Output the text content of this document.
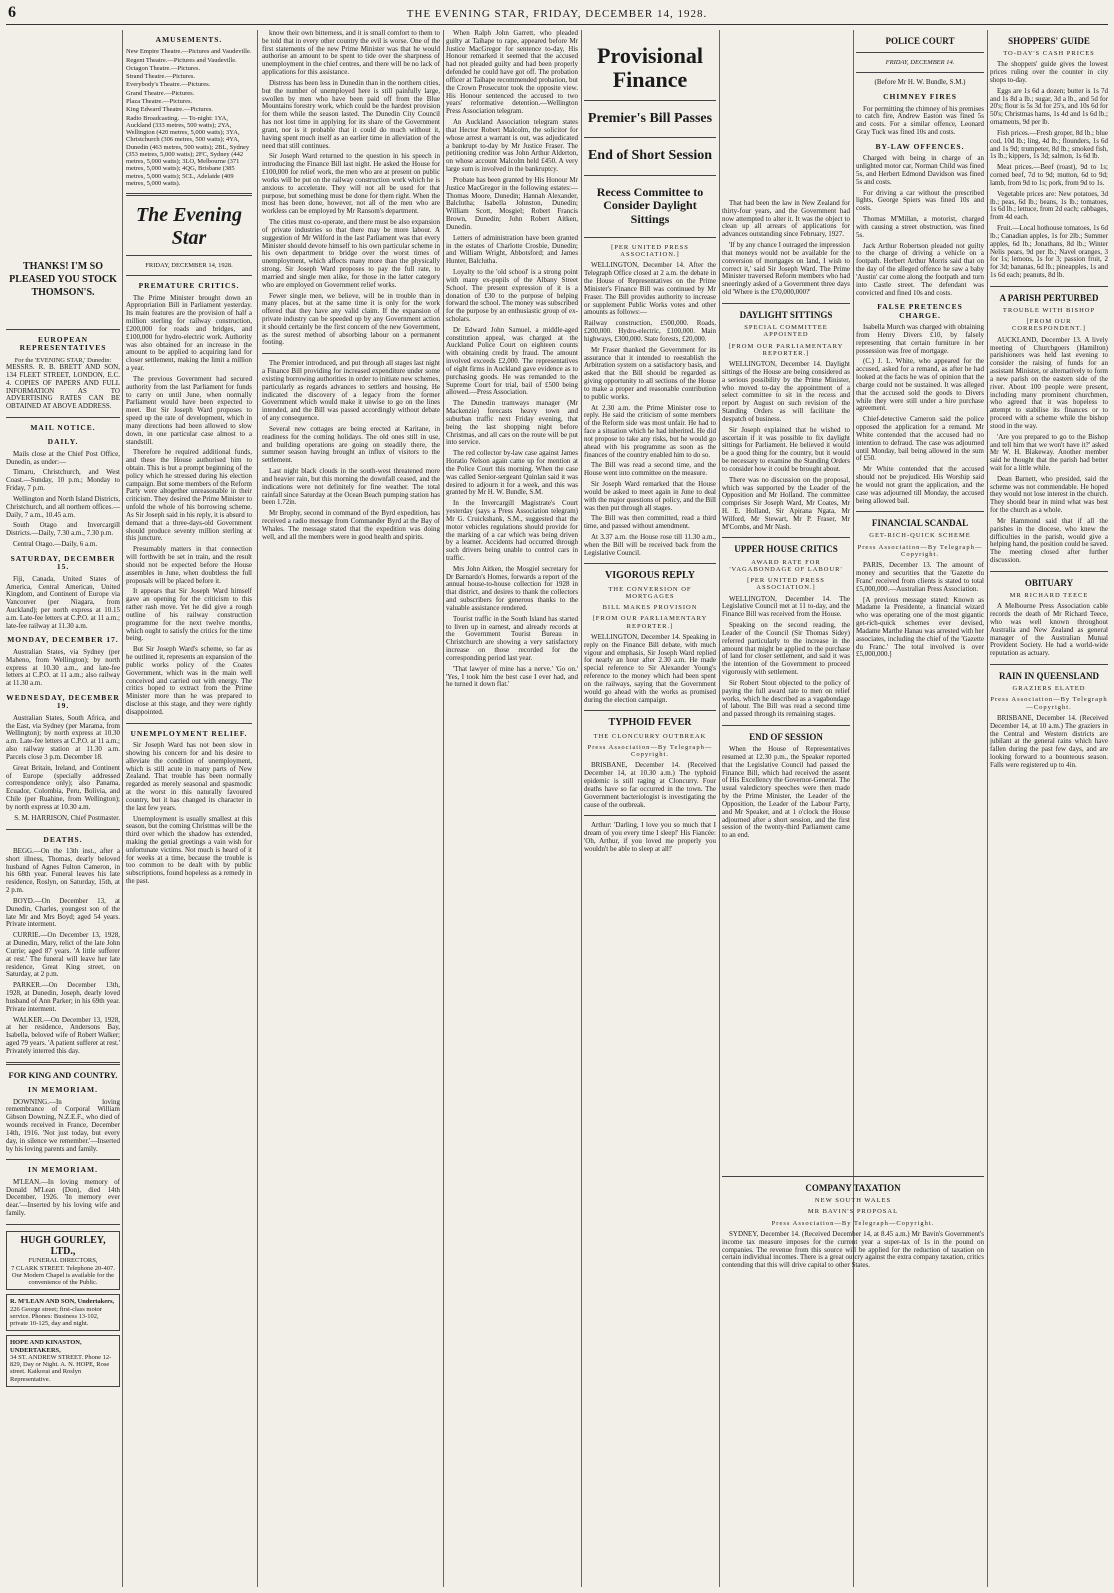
6	THE EVENING STAR, FRIDAY, DECEMBER 14, 1928.
THANKS! I'M SO PLEASED YOU STOCK THOMSON'S.
EUROPEAN REPRESENTATIVES
For the 'EVENING STAR,' Dunedin:

MESSRS. R. B. BRETT AND SON, 134 FLEET STREET, LONDON, E.C. 4. COPIES OF PAPERS AND FULL INFORMATION AS TO ADVERTISING RATES CAN BE OBTAINED AT ABOVE ADDRESS.

MAIL NOTICE.
DAILY.

Mails close at the Chief Post Office, Dunedin, as under:—

Timaru, Christchurch, and West Coast.—Sunday, 10 p.m.; Monday to Friday, 7 p.m.

Wellington and North Island Districts, Christchurch, and all northern offices.—Daily, 7 a.m., 10.45 a.m.

South Otago and Invercargill Districts.—Daily, 7.30 a.m., 7.30 p.m.

Central Otago.—Daily, 6 a.m.

SATURDAY, DECEMBER 15.

Fiji, Canada, United States of America, Central American, United Kingdom, and Continent of Europe via Vancouver (per Niagara, from Auckland); per north express at 10.15 a.m. Late-fee letters at C.P.O. at 11 a.m.; late-fee railway at 11.30 a.m.

MONDAY, DECEMBER 17.

Australian States, via Sydney (per Maheno, from Wellington); by north express at 10.30 a.m., and late-fee letters at C.P.O. at 11 a.m.; also railway at 11.30 a.m.

WEDNESDAY, DECEMBER 19.

Australian States, South Africa, and the East, via Sydney (per Marama, from Wellington); by north express at 10.30 a.m. Late-fee letters at C.P.O. at 11 a.m.; also railway station at 11.30 a.m. Parcels close 3 p.m. December 18.

Great Britain, Ireland, and Continent of Europe (specially addressed correspondence only); also Panama, Ecuador, Colombia, Peru, Bolivia, and Chile (per Ruahine, from Wellington); by north express at 10.30 a.m.

S. M. HARRISON, Chief Postmaster.
DEATHS.

BEGG.—On the 13th inst., after a short illness, Thomas, dearly beloved husband of Agnes Fulton Cameron, in his 68th year. Funeral leaves his late residence, Roslyn, on Saturday, 15th, at 2 p.m.

BOYD.—On December 13, at Dunedin, Charles, youngest son of the late Mr and Mrs Boyd; aged 54 years. Private interment.

CURRIE.—On December 13, 1928, at Dunedin, Mary, relict of the late John Currie; aged 87 years. 'A little sufferer at rest.' The funeral will leave her late residence, Great King street, on Saturday, at 2 p.m.

PARKER.—On December 13th, 1928, at Dunedin, Joseph, dearly loved husband of Ann Parker; in his 69th year. Private interment.

WALKER.—On December 13, 1928, at her residence, Andersons Bay, Isabella, beloved wife of Robert Walker; aged 79 years. 'A patient sufferer at rest.' Privately interred this day.

FOR KING AND COUNTRY.
IN MEMORIAM.

DOWNING.—In loving remembrance of Corporal William Gibson Downing, N.Z.E.F., who died of wounds received in France, December 14th, 1916. 'Not just today, but every day, in silence we remember.'—Inserted by his loving parents and family.

IN MEMORIAM.

M'LEAN.—In loving memory of Donald M'Lean (Don), died 14th December, 1926. 'In memory ever dear.'—Inserted by his loving wife and family.

HUGH GOURLEY, LTD.,
FUNERAL DIRECTORS,
7 CLARK STREET. Telephone 20-407. Our Modern Chapel is available for the convenience of the Public.
R. M'LEAN AND SON, Undertakers,
226 George street; first-class motor service. Phones: Business 13-102, private 10-125, day and night.
HOPE AND KINASTON, UNDERTAKERS,
34 ST. ANDREW STREET. Phone 12-829, Day or Night. A. N. HOPE, Rose street. Kaikorai and Roslyn Representative.
AMUSEMENTS.
New Empire Theatre.—Pictures and Vaudeville.
Regent Theatre.—Pictures and Vaudeville.
Octagon Theatre.—Pictures.
Strand Theatre.—Pictures.
Everybody's Theatre.—Pictures.
Grand Theatre.—Pictures.
Plaza Theatre.—Pictures.
King Edward Theatre.—Pictures.
Radio Broadcasting. — To-night: 1YA, Auckland (333 metres, 500 watts); 2YA, Wellington (420 metres, 5,000 watts); 3YA, Christchurch (306 metres, 500 watts); 4YA, Dunedin (463 metres, 500 watts); 2BL, Sydney (353 metres, 5,000 watts); 2FC, Sydney (442 metres, 5,000 watts); 3LO, Melbourne (371 metres, 5,000 watts); 4QG, Brisbane (385 metres, 5,000 watts); 5CL, Adelaide (409 metres, 5,000 watts).
The Evening Star
FRIDAY, DECEMBER 14, 1928.
PREMATURE CRITICS.

The Prime Minister brought down an Appropriation Bill in Parliament yesterday. Its main features are the provision of half a million sterling for railway construction, £200,000 for roads and bridges, and £100,000 for hydro-electric work. Authority was also obtained for an increase in the amount to be applied to acquiring land for closer settlement, making the limit a million a year.

The previous Government had secured authority from the last Parliament for funds to carry on until June, when normally Parliament would have been expected to meet. But Sir Joseph Ward proposes to speed up the rate of development, which in many directions had been allowed to slow down, in one particular case almost to a standstill.

Therefore he required additional funds, and these the House authorised him to obtain. This is but a prompt beginning of the policy which he stressed during his election campaign. But some members of the Reform Party were altogether unreasonable in their criticism. They desired the Prime Minister to unfold the whole of his borrowing scheme. As Sir Joseph said in his reply, it is absurd to demand that a three-days-old Government should produce seventy million sterling at this juncture.

Presumably matters in that connection will forthwith be set in train, and the result should not be expected before the House assembles in June, when doubtless the full proposals will be placed before it.

It appears that Sir Joseph Ward himself gave an opening for the criticism to this rather rash move. Yet he did give a rough outline of his railway construction programme for the next twelve months, which ought to satisfy the critics for the time being.

But Sir Joseph Ward's scheme, so far as he outlined it, represents an expansion of the public works policy of the Coates Government, which was in the main well conceived and carried out with energy. The critics hoped to extract from the Prime Minister more than he was prepared to disclose at this stage, and they were rightly disappointed.

UNEMPLOYMENT RELIEF.

Sir Joseph Ward has not been slow in showing his concern for and his desire to alleviate the condition of unemployment, which is still acute in many parts of New Zealand. That trouble has been normally regarded as merely seasonal and spasmodic at the worst in this naturally favoured country, but it has changed its character in the last few years.

Unemployment is usually smallest at this season, but the coming Christmas will be the third over which the shadow has extended, making the genial greetings a vain wish for unfortunate victims. Not much is heard of it for weeks at a time, because the trouble is too common to be dealt with by public subscriptions, found hopeless as a remedy in the past.

know their own bitterness, and it is small comfort to them to be told that in every other country the evil is worse. One of the first statements of the new Prime Minister was that he would authorise an amount to be spent to tide over the sharpness of unemployment in the chief centres, and there will be no lack of applications for this assistance.

Distress has been less in Dunedin than in the northern cities, but the number of unemployed here is still painfully large, swollen by men who have been paid off from the Blue Mountains forestry work, which could be the hardest provision for them while the season lasted. The Dunedin City Council has not lost time in applying for its share of the Government grant, nor is it probable that it could do much without it, having spent much itself as an earlier time in alleviation of the need that still continues.

Sir Joseph Ward returned to the question in his speech in introducing the Finance Bill last night. He asked the House for £100,000 for relief work, the men who are at present on public works will be put on the railway construction work which he is anxious to accelerate. They will not all be used for that purpose, but something must be done for them right. When the most has been done, however, not all of the men who are workless can be employed by Mr Ransom's department.

The cities must co-operate, and there must be also expansion of private industries so that there may be more labour. A suggestion of Mr Wilford in the last Parliament was that every Minister should devote himself to his own particular scheme in his own department to bridge over the worst times of unemployment, which affects many more than the physically strong. Sir Joseph Ward proposes to pay the full rate, to married and single men alike, for those in the latter category who are employed on Government relief works.

Fewer single men, we believe, will be in trouble than in many places, but at the same time it is only for the work offered that they have any valid claim. If the expansion of private industry can be speeded up by any Government action it should certainly be the first concern of the new Government, as the surest method of absorbing labour on a permanent footing.

The Premier introduced, and put through all stages last night a Finance Bill providing for increased expenditure under some existing borrowing authorities in order to initiate new schemes, particularly as regards advances to settlers and housing. He indicated the discovery of a legacy from the former Government which would make it unwise to go on the lines intended, and the Bill was passed accordingly without debate of any consequence.

Several new cottages are being erected at Karitane, in readiness for the coming holidays. The old ones still in use, and building operations are going on steadily there, the summer season having brought an influx of visitors to the settlement.

Last night black clouds in the south-west threatened more and heavier rain, but this morning the downfall ceased, and the indications were not definitely for fine weather. The total rainfall since Saturday at the Ocean Beach pumping station has been 1.72in.

Mr Brophy, second in command of the Byrd expedition, has received a radio message from Commander Byrd at the Bay of Whales. The message stated that the expedition was doing well, and all the members were in good health and spirits.

When Ralph John Garrett, who pleaded guilty at Taihape to rape, appeared before Mr Justice MacGregor for sentence to-day, His Honour remarked it seemed that the accused had not pleaded guilty and had been properly defended he could have got off. The probation officer at Taihape recommended probation, but the Crown Prosecutor took the opposite view. His Honour sentenced the accused to two years' reformative detention.—Wellington Press Association telegram.

An Auckland Association telegram states that Hector Robert Malcolm, the solicitor for whose arrest a warrant is out, was adjudicated a bankrupt to-day by Mr Justice Fraser. The petitioning creditor was John Arthur Alderton, on whose account Malcolm held £450. A very large sum is involved in the bankruptcy.

Probate has been granted by His Honour Mr Justice MacGregor in the following estates:—Thomas Moore, Dunedin; Hannah Alexander, Balclutha; Isabella Johnston, Dunedin; William Scott, Mosgiel; Robert Francis Brown, Dunedin; John Robert Aitken, Dunedin.

Letters of administration have been granted in the estates of Charlotte Crosbie, Dunedin; and William Wright, Abbotsford; and James Hunter, Balclutha.

Loyalty to the 'old school' is a strong point with many ex-pupils of the Albany Street School. The present expression of it is a donation of £30 to the purpose of helping forward the school. The money was subscribed for the purpose by an enthusiastic group of ex-scholars.

Dr Edward John Samuel, a middle-aged constitution appeal, was charged at the Auckland Police Court on eighteen counts with obtaining credit by fraud. The amount involved exceeds £2,000. The representatives of eight firms in Auckland gave evidence as to purchasing goods. He was remanded to the Supreme Court for trial, bail of £500 being allowed.—Press Association.

The Dunedin tramways manager (Mr Mackenzie) forecasts heavy town and suburban traffic next Friday evening, that being the last shopping night before Christmas, and all cars on the route will be put into service.

The red collector by-law case against James Horatio Nelson again came up for mention at the Police Court this morning. When the case was called Senior-sergeant Quinlan said it was desired to adjourn it for a week, and this was granted by Mr H. W. Bundle, S.M.

In the Invercargill Magistrate's Court yesterday (says a Press Association telegram) Mr G. Cruickshank, S.M., suggested that the motor vehicles regulations should provide for the marking of a car which was being driven by a learner. Accidents had occurred through such drivers being unable to control cars in traffic.

Mrs John Aitken, the Mosgiel secretary for Dr Barnardo's Homes, forwards a report of the annual house-to-house collection for 1928 in that district, and desires to thank the collectors and subscribers for generous thanks to the valuable assistance rendered.

Tourist traffic in the South Island has started to liven up in earnest, and already records at the Government Tourist Bureau in Christchurch are showing a very satisfactory increase on those recorded for the corresponding period last year.

'That lawyer of mine has a nerve.' 'Go on.' 'Yes, I took him the best case I ever had, and he turned it down flat.'

Provisional Finance
Premier's Bill Passes
End of Short Session
Recess Committee to Consider Daylight Sittings
[PER UNITED PRESS ASSOCIATION.]

WELLINGTON, December 14. After the Telegraph Office closed at 2 a.m. the debate in the House of Representatives on the Prime Minister's Finance Bill was continued by Mr Fraser. The Bill provides authority to increase or supplement Public Works votes and other amounts as follows:—

Railway construction, £500,000. Roads, £200,000. Hydro-electric, £100,000. Main highways, £300,000. State forests, £20,000.

Mr Fraser thanked the Government for its assurance that it intended to reestablish the Arbitration system on a satisfactory basis, and asked that the Bill should be regarded as giving opportunity to all sections of the House to make a proper and reasonable contribution to public works.

At 2.30 a.m. the Prime Minister rose to reply. He said the criticism of some members of the Reform side was most unfair. He had to face a situation which he had inherited. He did not propose to take any risks, but he would go ahead with his programme as soon as the finances of the country enabled him to do so.

The Bill was read a second time, and the House went into committee on the measure.

Sir Joseph Ward remarked that the House would be asked to meet again in June to deal with the major questions of policy, and the Bill was then put through all stages.

The Bill was then committed, read a third time, and passed without amendment.

At 3.37 a.m. the House rose till 11.30 a.m., when the Bill will be received back from the Legislative Council.

VIGOROUS REPLY
THE CONVERSION OF MORTGAGES
BILL MAKES PROVISION
[FROM OUR PARLIAMENTARY REPORTER.]

WELLINGTON, December 14. Speaking in reply on the Finance Bill debate, with much vigour and emphasis, Sir Joseph Ward replied for nearly an hour after 2.30 a.m. He made special reference to Sir Alexander Young's reference to the money which had been spent on the railways, saying that the Government would go ahead with the works as promised during the election campaign.

TYPHOID FEVER
THE CLONCURRY OUTBREAK
Press Association—By Telegraph—Copyright.

BRISBANE, December 14. (Received December 14, at 10.30 a.m.) The typhoid epidemic is still raging at Cloncurry. Four deaths have so far occurred in the town. The Government bacteriologist is investigating the cause of the outbreak.

Arthur: 'Darling, I love you so much that I dream of you every time I sleep!' His Fiancée: 'Oh, Arthur, if you loved me properly you wouldn't be able to sleep at all!'

That had been the law in New Zealand for thirty-four years, and the Government had now attempted to alter it. It was the object to clean up all arrears of applications for advances outstanding since February, 1927.

'If by any chance I outraged the impression that moneys would not be available for the conversion of mortgages on land, I wish to correct it,' said Sir Joseph Ward. The Prime Minister traversed Reform members who had sneeringly asked of a Government three days old 'Where is the £70,000,000?'

DAYLIGHT SITTINGS
SPECIAL COMMITTEE APPOINTED
[FROM OUR PARLIAMENTARY REPORTER.]

WELLINGTON, December 14. Daylight sittings of the House are being considered as a serious possibility by the Prime Minister, who moved to-day the appointment of a select committee to sit in the recess and report by August on such revision of the Standing Orders as will facilitate the despatch of business.

Sir Joseph explained that he wished to ascertain if it was possible to fix daylight sittings for Parliament. He believed it would be a good thing for the country, but it would be necessary to examine the Standing Orders to consider how it could be brought about.

There was no discussion on the proposal, which was supported by the Leader of the Opposition and Mr Holland. The committee comprises Sir Joseph Ward, Mr Coates, Mr H. E. Holland, Sir Apirana Ngata, Mr Wilford, Mr Stewart, Mr P. Fraser, Mr M'Combs, and Mr Nash.

UPPER HOUSE CRITICS
AWARD RATE FOR 'VAGABONDAGE OF LABOUR'
[PER UNITED PRESS ASSOCIATION.]

WELLINGTON, December 14. The Legislative Council met at 11 to-day, and the Finance Bill was received from the House.

Speaking on the second reading, the Leader of the Council (Sir Thomas Sidey) referred particularly to the increase in the amount that might be applied to the purchase of land for closer settlement, and said it was the intention of the Government to proceed vigorously with settlement.

Sir Robert Stout objected to the policy of paying the full award rate to men on relief works, which he described as a vagabondage of labour. The Bill was read a second time and passed through its remaining stages.

END OF SESSION

When the House of Representatives resumed at 12.30 p.m., the Speaker reported that the Legislative Council had passed the Finance Bill, which had received the assent of His Excellency the Governor-General. The usual valedictory speeches were then made by the Prime Minister, the Leader of the Opposition, the Leader of the Labour Party, and Mr Speaker, and at 1 o'clock the House adjourned after a short session, and the first session of the twenty-third Parliament came to an end.

POLICE COURT
FRIDAY, DECEMBER 14.
(Before Mr H. W. Bundle, S.M.)
CHIMNEY FIRES

For permitting the chimney of his premises to catch fire, Andrew Easton was fined 5s and costs. For a similar offence, Leonard Gray Tuck was fined 10s and costs.

BY-LAW OFFENCES.

Charged with being in charge of an unlighted motor car, Norman Child was fined 5s, and Herbert Edmond Davidson was fined 5s and costs.

For driving a car without the prescribed lights, George Spiers was fined 10s and costs.

Thomas M'Millan, a motorist, charged with causing a street obstruction, was fined 5s.

Jack Arthur Robertson pleaded not guilty to the charge of driving a vehicle on a footpath. Herbert Arthur Morris said that on the day of the alleged offence he saw a baby 'Austin' car come along the footpath and turn into Castle street. The defendant was convicted and fined 10s and costs.

FALSE PRETENCES CHARGE.

Isabella Murch was charged with obtaining from Henry Divers £10, by falsely representing that certain furniture in her possession was free of mortgage.

(C.) J. L. White, who appeared for the accused, asked for a remand, as after he had looked at the facts he was of opinion that the charge could not be sustained. It was alleged that the accused sold the goods to Divers while they were still under a hire purchase agreement.

Chief-detective Cameron said the police opposed the application for a remand. Mr White contended that the accused had no intention to defraud. The case was adjourned until Monday, bail being allowed in the sum of £50.

Mr White contended that the accused should not be prejudiced. His Worship said he would not grant the application, and the case was adjourned till Monday, the accused being allowed bail.

FINANCIAL SCANDAL
GET-RICH-QUICK SCHEME
Press Association—By Telegraph—Copyright.

PARIS, December 13. The amount of money and securities that the 'Gazette du Franc' received from clients is stated to total £5,000,000.—Australian Press Association.

[A previous message stated: Known as Madame la Presidente, a financial wizard who was operating one of the most gigantic get-rich-quick schemes ever devised, Madame Marthe Hanau was arrested with her associates, including the chief of the 'Gazette du Franc.' The total involved is over £5,000,000.]

COMPANY TAXATION
NEW SOUTH WALES
MR BAVIN'S PROPOSAL
Press Association—By Telegraph—Copyright.

SYDNEY, December 14. (Received December 14, at 8.45 a.m.) Mr Bavin's Government's income tax measure imposes for the current year a super-tax of 1s in the pound on companies. The revenue from this source will be applied for the reduction of taxation on certain individual incomes. There is a great outcry against the extra company taxation, critics contending that this will drive capital to other States.

SHOPPERS' GUIDE
TO-DAY'S CASH PRICES

The shoppers' guide gives the lowest prices ruling over the counter in city shops to-day.

Eggs are 1s 6d a dozen; butter is 1s 7d and 1s 8d a lb.; sugar, 3d a lb., and 5d for 20's; flour is 5s 3d for 25's, and 10s 6d for 50's; Christmas hams, 1s 4d and 1s 6d lb.; ornaments, 9d per lb.

Fish prices.—Fresh groper, 8d lb.; blue cod, 10d lb.; ling, 4d lb.; flounders, 1s 6d and 1s 9d; trumpeter, 8d lb.; smoked fish, 1s lb.; kippers, 1s 3d; salmon, 1s 6d lb.

Meat prices.—Beef (roast), 9d to 1s; corned beef, 7d to 9d; mutton, 6d to 9d; lamb, from 9d to 1s; pork, from 9d to 1s.

Vegetable prices are: New potatoes, 3d lb.; peas, 6d lb.; beans, 1s lb.; tomatoes, 1s 6d lb.; lettuce, from 2d each; cabbages, from 4d each.

Fruit.—Local hothouse tomatoes, 1s 6d lb.; Canadian apples, 1s for 2lb.; Summer apples, 6d lb.; Jonathans, 8d lb.; Winter Nelis pears, 9d per lb.; Navel oranges, 3 for 1s; lemons, 1s for 3; passion fruit, 2 for 3d; bananas, 6d lb.; pineapples, 1s and 1s 6d each; peanuts, 8d lb.

A PARISH PERTURBED
TROUBLE WITH BISHOP
[FROM OUR CORRESPONDENT.]

AUCKLAND, December 13. A lively meeting of Churchgoers (Hamilton) parishioners was held last evening to consider the raising of funds for an assistant Minister, or alternatively to form a new parish on the eastern side of the river. About 100 people were present, including many prominent churchmen, who agreed that it was hopeless to attempt to stabilise its finances or to proceed with a scheme while the bishop stood in the way.

'Are you prepared to go to the Bishop and tell him that we won't have it?' asked Mr W. H. Blakeway. Another member said he thought that the parish had better wait for a little while.

Dean Barnett, who presided, said the scheme was not commendable. He hoped they would not lose interest in the church. They should bear in mind what was best for the church as a whole.

Mr Hammond said that if all the parishes in the diocese, who knew the difficulties in the parish, would give a helping hand, the position could be saved. The meeting closed after further discussion.

OBITUARY
MR RICHARD TEECE

A Melbourne Press Association cable records the death of Mr Richard Teece, who was well known throughout Australia and New Zealand as general manager of the Australian Mutual Provident Society. He had a world-wide reputation as actuary.

RAIN IN QUEENSLAND
GRAZIERS ELATED
Press Association—By Telegraph—Copyright.

BRISBANE, December 14. (Received December 14, at 10 a.m.) The graziers in the Central and Western districts are jubilant at the general rains which have fallen during the past few days, and are looking forward to a bounteous season. Falls were registered up to 4in.
